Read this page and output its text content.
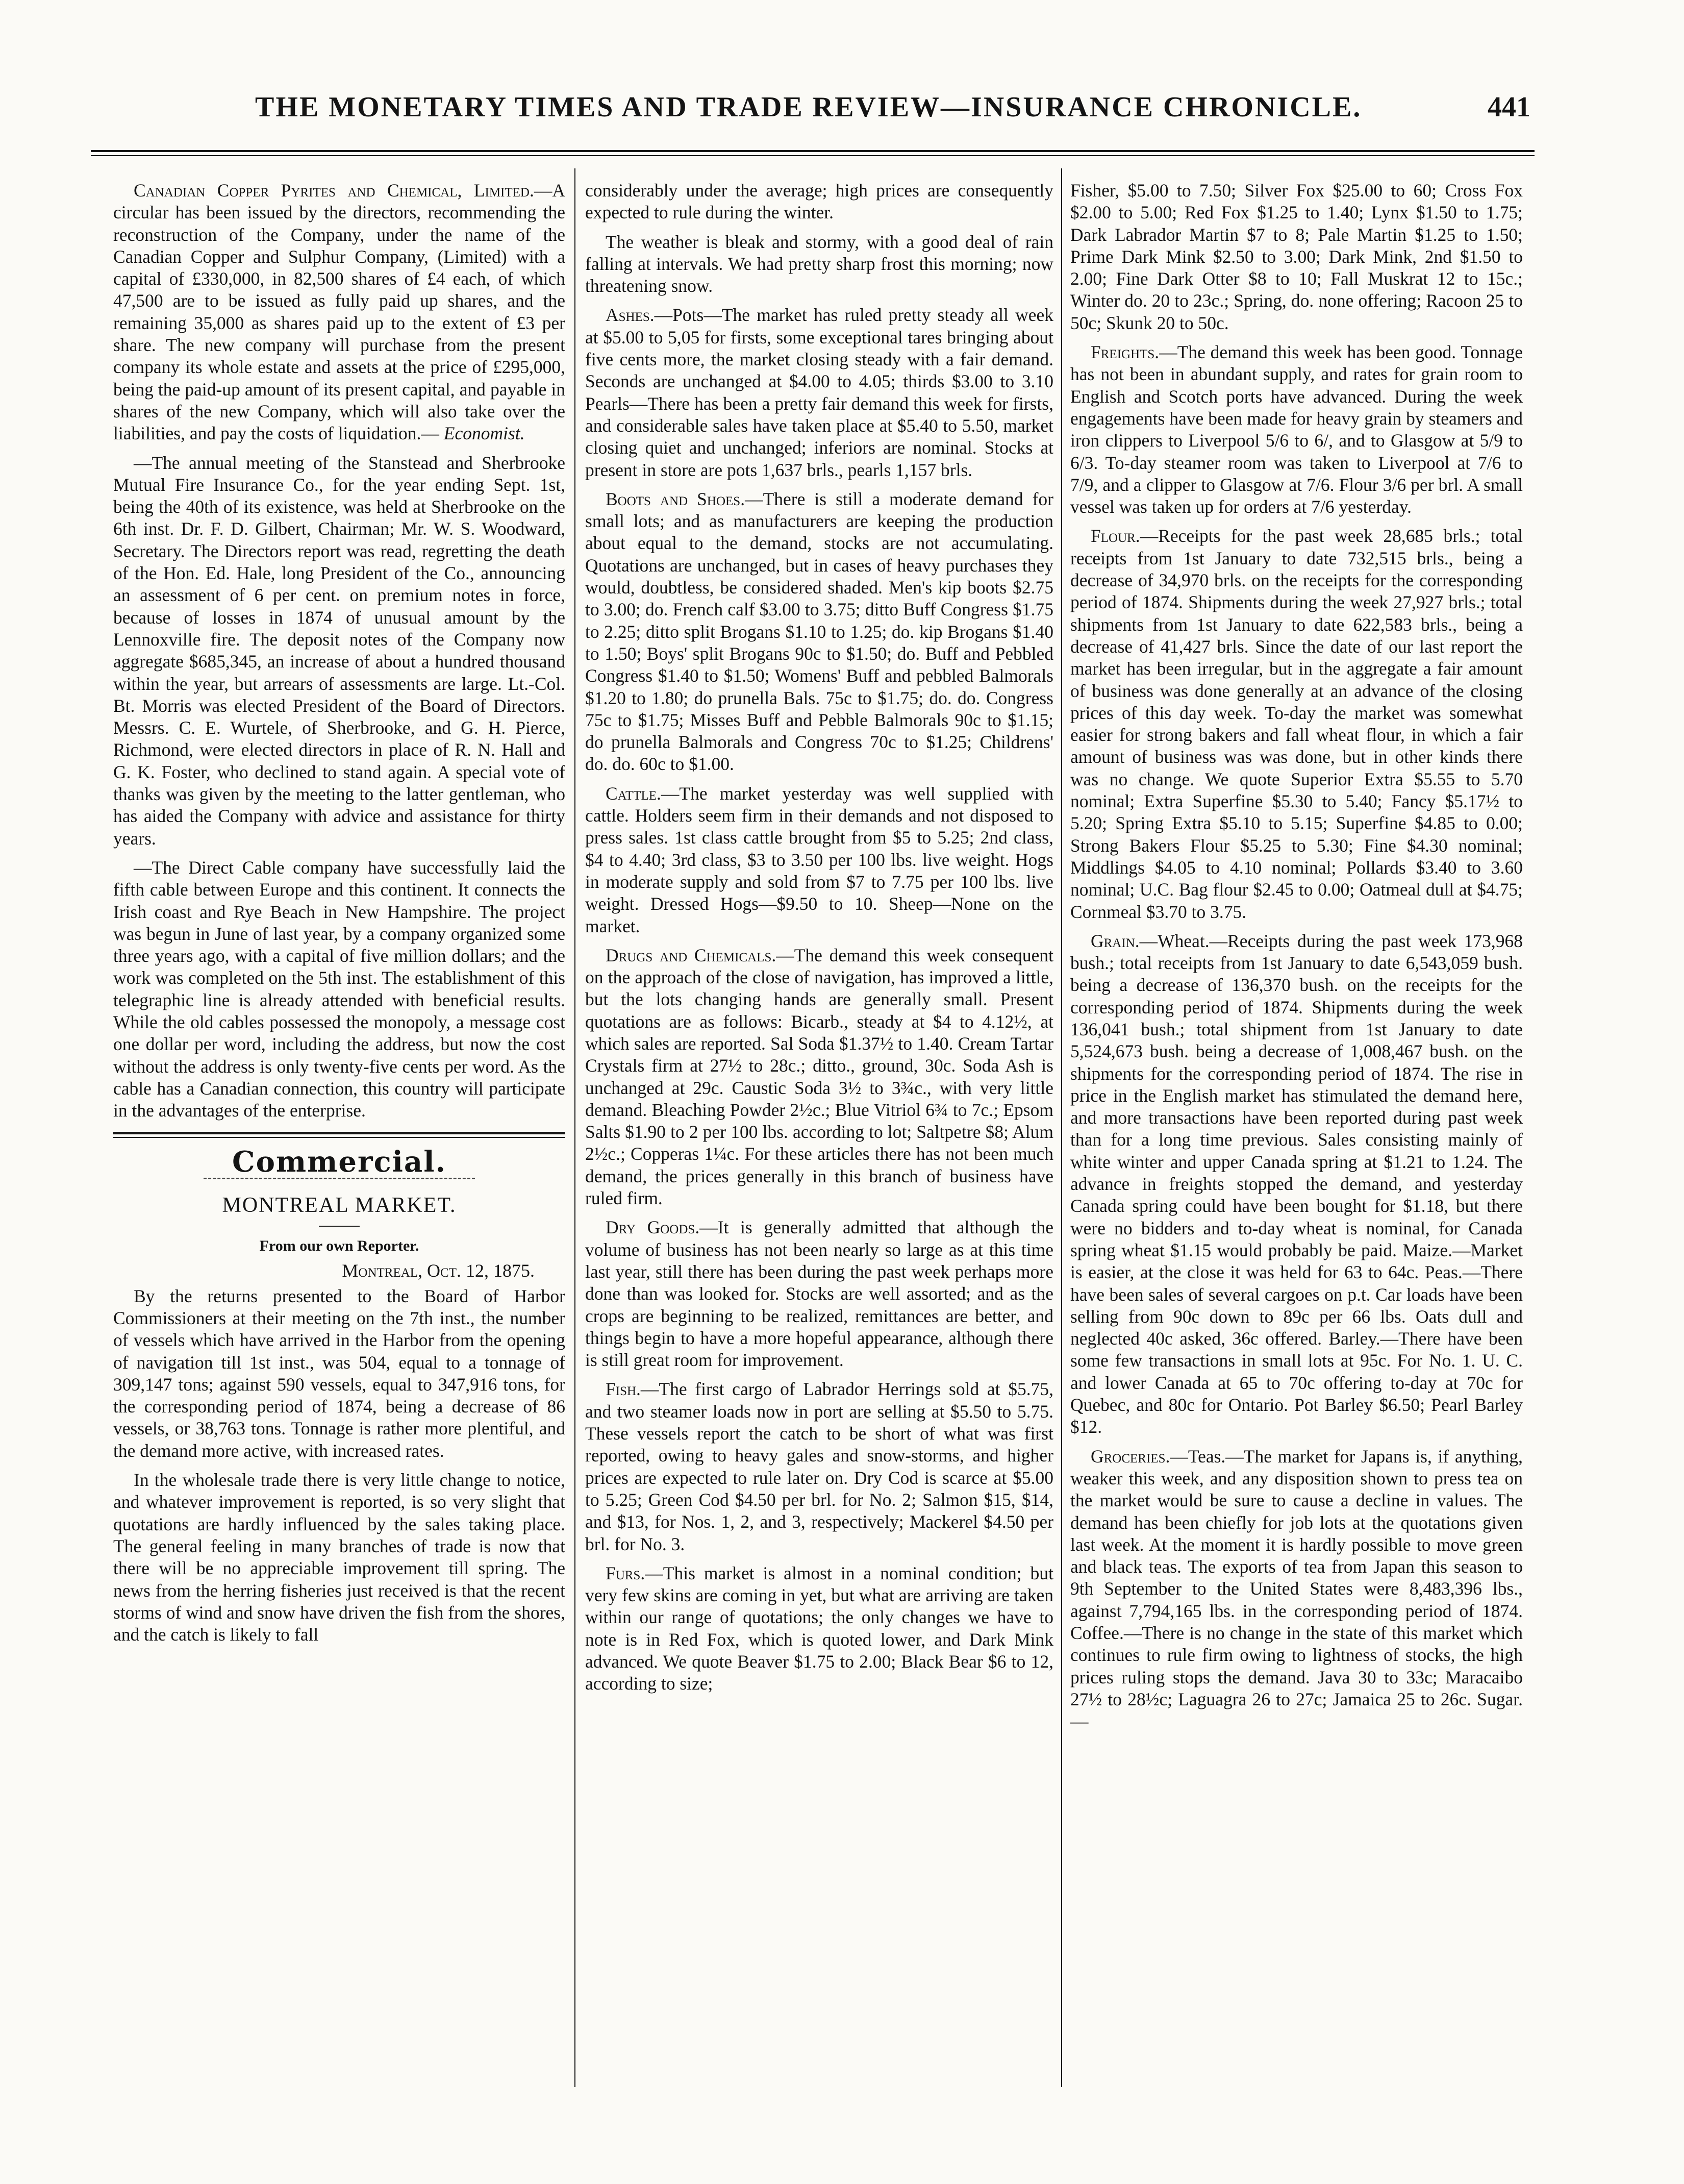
THE MONETARY TIMES AND TRADE REVIEW—INSURANCE CHRONICLE.	441

Canadian Copper Pyrites and Chemical, Limited.—A circular has been issued by the directors, recommending the reconstruction of the Company, under the name of the Canadian Copper and Sulphur Company, (Limited) with a capital of £330,000, in 82,500 shares of £4 each, of which 47,500 are to be issued as fully paid up shares, and the remaining 35,000 as shares paid up to the extent of £3 per share. The new company will purchase from the present company its whole estate and assets at the price of £295,000, being the paid-up amount of its present capital, and payable in shares of the new Company, which will also take over the liabilities, and pay the costs of liquidation.— Economist.

—The annual meeting of the Stanstead and Sherbrooke Mutual Fire Insurance Co., for the year ending Sept. 1st, being the 40th of its existence, was held at Sherbrooke on the 6th inst. Dr. F. D. Gilbert, Chairman; Mr. W. S. Woodward, Secretary. The Directors report was read, regretting the death of the Hon. Ed. Hale, long President of the Co., announcing an assessment of 6 per cent. on premium notes in force, because of losses in 1874 of unusual amount by the Lennoxville fire. The deposit notes of the Company now aggregate $685,345, an increase of about a hundred thousand within the year, but arrears of assessments are large. Lt.-Col. Bt. Morris was elected President of the Board of Directors. Messrs. C. E. Wurtele, of Sherbrooke, and G. H. Pierce, Richmond, were elected directors in place of R. N. Hall and G. K. Foster, who declined to stand again. A special vote of thanks was given by the meeting to the latter gentleman, who has aided the Company with advice and assistance for thirty years.

—The Direct Cable company have successfully laid the fifth cable between Europe and this continent. It connects the Irish coast and Rye Beach in New Hampshire. The project was begun in June of last year, by a company organized some three years ago, with a capital of five million dollars; and the work was completed on the 5th inst. The establishment of this telegraphic line is already attended with beneficial results. While the old cables possessed the monopoly, a message cost one dollar per word, including the address, but now the cost without the address is only twenty-five cents per word. As the cable has a Canadian connection, this country will participate in the advantages of the enterprise.

Commercial.
MONTREAL MARKET.
From our own Reporter.
Montreal, Oct. 12, 1875.

By the returns presented to the Board of Harbor Commissioners at their meeting on the 7th inst., the number of vessels which have arrived in the Harbor from the opening of navigation till 1st inst., was 504, equal to a tonnage of 309,147 tons; against 590 vessels, equal to 347,916 tons, for the corresponding period of 1874, being a decrease of 86 vessels, or 38,763 tons. Tonnage is rather more plentiful, and the demand more active, with increased rates.

In the wholesale trade there is very little change to notice, and whatever improvement is reported, is so very slight that quotations are hardly influenced by the sales taking place. The general feeling in many branches of trade is now that there will be no appreciable improvement till spring. The news from the herring fisheries just received is that the recent storms of wind and snow have driven the fish from the shores, and the catch is likely to fall

considerably under the average; high prices are consequently expected to rule during the winter.

The weather is bleak and stormy, with a good deal of rain falling at intervals. We had pretty sharp frost this morning; now threatening snow.

Ashes.—Pots—The market has ruled pretty steady all week at $5.00 to 5,05 for firsts, some exceptional tares bringing about five cents more, the market closing steady with a fair demand. Seconds are unchanged at $4.00 to 4.05; thirds $3.00 to 3.10 Pearls—There has been a pretty fair demand this week for firsts, and considerable sales have taken place at $5.40 to 5.50, market closing quiet and unchanged; inferiors are nominal. Stocks at present in store are pots 1,637 brls., pearls 1,157 brls.

Boots and Shoes.—There is still a moderate demand for small lots; and as manufacturers are keeping the production about equal to the demand, stocks are not accumulating. Quotations are unchanged, but in cases of heavy purchases they would, doubtless, be considered shaded. Men's kip boots $2.75 to 3.00; do. French calf $3.00 to 3.75; ditto Buff Congress $1.75 to 2.25; ditto split Brogans $1.10 to 1.25; do. kip Brogans $1.40 to 1.50; Boys' split Brogans 90c to $1.50; do. Buff and Pebbled Congress $1.40 to $1.50; Womens' Buff and pebbled Balmorals $1.20 to 1.80; do prunella Bals. 75c to $1.75; do. do. Congress 75c to $1.75; Misses Buff and Pebble Balmorals 90c to $1.15; do prunella Balmorals and Congress 70c to $1.25; Childrens' do. do. 60c to $1.00.

Cattle.—The market yesterday was well supplied with cattle. Holders seem firm in their demands and not disposed to press sales. 1st class cattle brought from $5 to 5.25; 2nd class, $4 to 4.40; 3rd class, $3 to 3.50 per 100 lbs. live weight. Hogs in moderate supply and sold from $7 to 7.75 per 100 lbs. live weight. Dressed Hogs—$9.50 to 10. Sheep—None on the market.

Drugs and Chemicals.—The demand this week consequent on the approach of the close of navigation, has improved a little, but the lots changing hands are generally small. Present quotations are as follows: Bicarb., steady at $4 to 4.12½, at which sales are reported. Sal Soda $1.37½ to 1.40. Cream Tartar Crystals firm at 27½ to 28c.; ditto., ground, 30c. Soda Ash is unchanged at 29c. Caustic Soda 3½ to 3¾c., with very little demand. Bleaching Powder 2½c.; Blue Vitriol 6¾ to 7c.; Epsom Salts $1.90 to 2 per 100 lbs. according to lot; Saltpetre $8; Alum 2½c.; Copperas 1¼c. For these articles there has not been much demand, the prices generally in this branch of business have ruled firm.

Dry Goods.—It is generally admitted that although the volume of business has not been nearly so large as at this time last year, still there has been during the past week perhaps more done than was looked for. Stocks are well assorted; and as the crops are beginning to be realized, remittances are better, and things begin to have a more hopeful appearance, although there is still great room for improvement.

Fish.—The first cargo of Labrador Herrings sold at $5.75, and two steamer loads now in port are selling at $5.50 to 5.75. These vessels report the catch to be short of what was first reported, owing to heavy gales and snow-storms, and higher prices are expected to rule later on. Dry Cod is scarce at $5.00 to 5.25; Green Cod $4.50 per brl. for No. 2; Salmon $15, $14, and $13, for Nos. 1, 2, and 3, respectively; Mackerel $4.50 per brl. for No. 3.

Furs.—This market is almost in a nominal condition; but very few skins are coming in yet, but what are arriving are taken within our range of quotations; the only changes we have to note is in Red Fox, which is quoted lower, and Dark Mink advanced. We quote Beaver $1.75 to 2.00; Black Bear $6 to 12, according to size;

Fisher, $5.00 to 7.50; Silver Fox $25.00 to 60; Cross Fox $2.00 to 5.00; Red Fox $1.25 to 1.40; Lynx $1.50 to 1.75; Dark Labrador Martin $7 to 8; Pale Martin $1.25 to 1.50; Prime Dark Mink $2.50 to 3.00; Dark Mink, 2nd $1.50 to 2.00; Fine Dark Otter $8 to 10; Fall Muskrat 12 to 15c.; Winter do. 20 to 23c.; Spring, do. none offering; Racoon 25 to 50c; Skunk 20 to 50c.

Freights.—The demand this week has been good. Tonnage has not been in abundant supply, and rates for grain room to English and Scotch ports have advanced. During the week engagements have been made for heavy grain by steamers and iron clippers to Liverpool 5/6 to 6/, and to Glasgow at 5/9 to 6/3. To-day steamer room was taken to Liverpool at 7/6 to 7/9, and a clipper to Glasgow at 7/6. Flour 3/6 per brl. A small vessel was taken up for orders at 7/6 yesterday.

Flour.—Receipts for the past week 28,685 brls.; total receipts from 1st January to date 732,515 brls., being a decrease of 34,970 brls. on the receipts for the corresponding period of 1874. Shipments during the week 27,927 brls.; total shipments from 1st January to date 622,583 brls., being a decrease of 41,427 brls. Since the date of our last report the market has been irregular, but in the aggregate a fair amount of business was done generally at an advance of the closing prices of this day week. To-day the market was somewhat easier for strong bakers and fall wheat flour, in which a fair amount of business was was done, but in other kinds there was no change. We quote Superior Extra $5.55 to 5.70 nominal; Extra Superfine $5.30 to 5.40; Fancy $5.17½ to 5.20; Spring Extra $5.10 to 5.15; Superfine $4.85 to 0.00; Strong Bakers Flour $5.25 to 5.30; Fine $4.30 nominal; Middlings $4.05 to 4.10 nominal; Pollards $3.40 to 3.60 nominal; U.C. Bag flour $2.45 to 0.00; Oatmeal dull at $4.75; Cornmeal $3.70 to 3.75.

Grain.—Wheat.—Receipts during the past week 173,968 bush.; total receipts from 1st January to date 6,543,059 bush. being a decrease of 136,370 bush. on the receipts for the corresponding period of 1874. Shipments during the week 136,041 bush.; total shipment from 1st January to date 5,524,673 bush. being a decrease of 1,008,467 bush. on the shipments for the corresponding period of 1874. The rise in price in the English market has stimulated the demand here, and more transactions have been reported during past week than for a long time previous. Sales consisting mainly of white winter and upper Canada spring at $1.21 to 1.24. The advance in freights stopped the demand, and yesterday Canada spring could have been bought for $1.18, but there were no bidders and to-day wheat is nominal, for Canada spring wheat $1.15 would probably be paid. Maize.—Market is easier, at the close it was held for 63 to 64c. Peas.—There have been sales of several cargoes on p.t. Car loads have been selling from 90c down to 89c per 66 lbs. Oats dull and neglected 40c asked, 36c offered. Barley.—There have been some few transactions in small lots at 95c. For No. 1. U. C. and lower Canada at 65 to 70c offering to-day at 70c for Quebec, and 80c for Ontario. Pot Barley $6.50; Pearl Barley $12.

Groceries.—Teas.—The market for Japans is, if anything, weaker this week, and any disposition shown to press tea on the market would be sure to cause a decline in values. The demand has been chiefly for job lots at the quotations given last week. At the moment it is hardly possible to move green and black teas. The exports of tea from Japan this season to 9th September to the United States were 8,483,396 lbs., against 7,794,165 lbs. in the corresponding period of 1874. Coffee.—There is no change in the state of this market which continues to rule firm owing to lightness of stocks, the high prices ruling stops the demand. Java 30 to 33c; Maracaibo 27½ to 28½c; Laguagra 26 to 27c; Jamaica 25 to 26c. Sugar.—
